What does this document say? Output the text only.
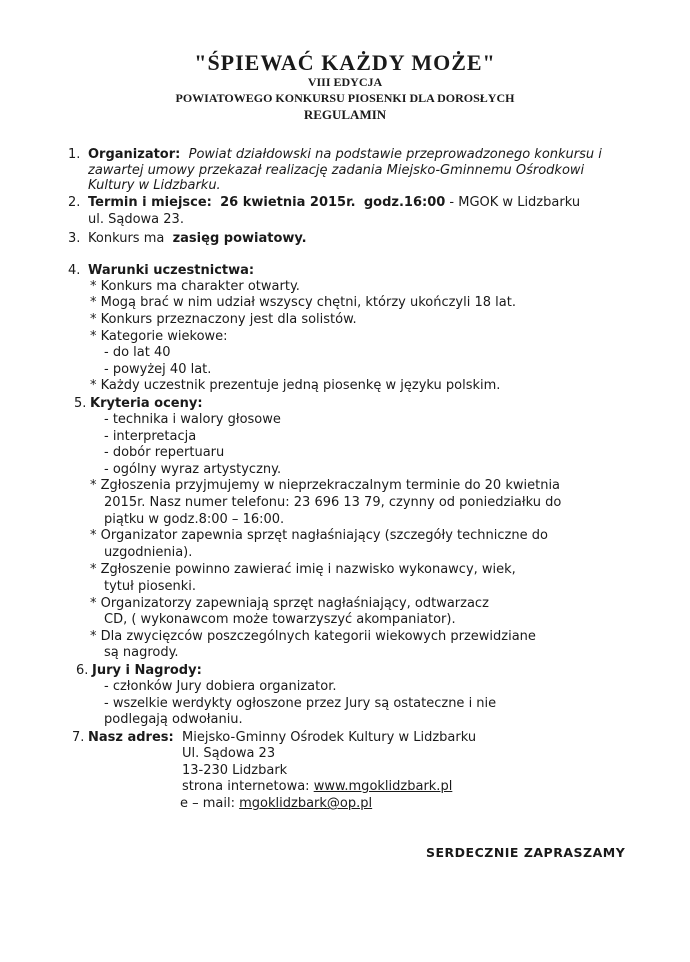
"ŚPIEWAĆ KAŻDY MOŻE"
VIII EDYCJA
POWIATOWEGO KONKURSU PIOSENKI DLA DOROSŁYCH
REGULAMIN
1. Organizator: Powiat działdowski na podstawie przeprowadzonego konkursu i
zawartej umowy przekazał realizację zadania Miejsko-Gminnemu Ośrodkowi
Kultury w Lidzbarku.
2. Termin i miejsce: 26 kwietnia 2015r. godz.16:00 - MGOK w Lidzbarku
ul. Sądowa 23.
3. Konkurs ma zasięg powiatowy.
4. Warunki uczestnictwa:
* Konkurs ma charakter otwarty.
* Mogą brać w nim udział wszyscy chętni, którzy ukończyli 18 lat.
* Konkurs przeznaczony jest dla solistów.
* Kategorie wiekowe:
- do lat 40
- powyżej 40 lat.
* Każdy uczestnik prezentuje jedną piosenkę w języku polskim.
5. Kryteria oceny:
- technika i walory głosowe
- interpretacja
- dobór repertuaru
- ogólny wyraz artystyczny.
* Zgłoszenia przyjmujemy w nieprzekraczalnym terminie do 20 kwietnia
2015r. Nasz numer telefonu: 23 696 13 79, czynny od poniedziałku do
piątku w godz.8:00 – 16:00.
* Organizator zapewnia sprzęt nagłaśniający (szczegóły techniczne do
uzgodnienia).
* Zgłoszenie powinno zawierać imię i nazwisko wykonawcy, wiek,
tytuł piosenki.
* Organizatorzy zapewniają sprzęt nagłaśniający, odtwarzacz
CD, ( wykonawcom może towarzyszyć akompaniator).
* Dla zwycięzców poszczególnych kategorii wiekowych przewidziane
są nagrody.
6. Jury i Nagrody:
- członków Jury dobiera organizator.
- wszelkie werdykty ogłoszone przez Jury są ostateczne i nie
podlegają odwołaniu.
7. Nasz adres: Miejsko-Gminny Ośrodek Kultury w Lidzbarku
Ul. Sądowa 23
13-230 Lidzbark
strona internetowa: www.mgoklidzbark.pl
e – mail: mgoklidzbark@op.pl
SERDECZNIE ZAPRASZAMY
